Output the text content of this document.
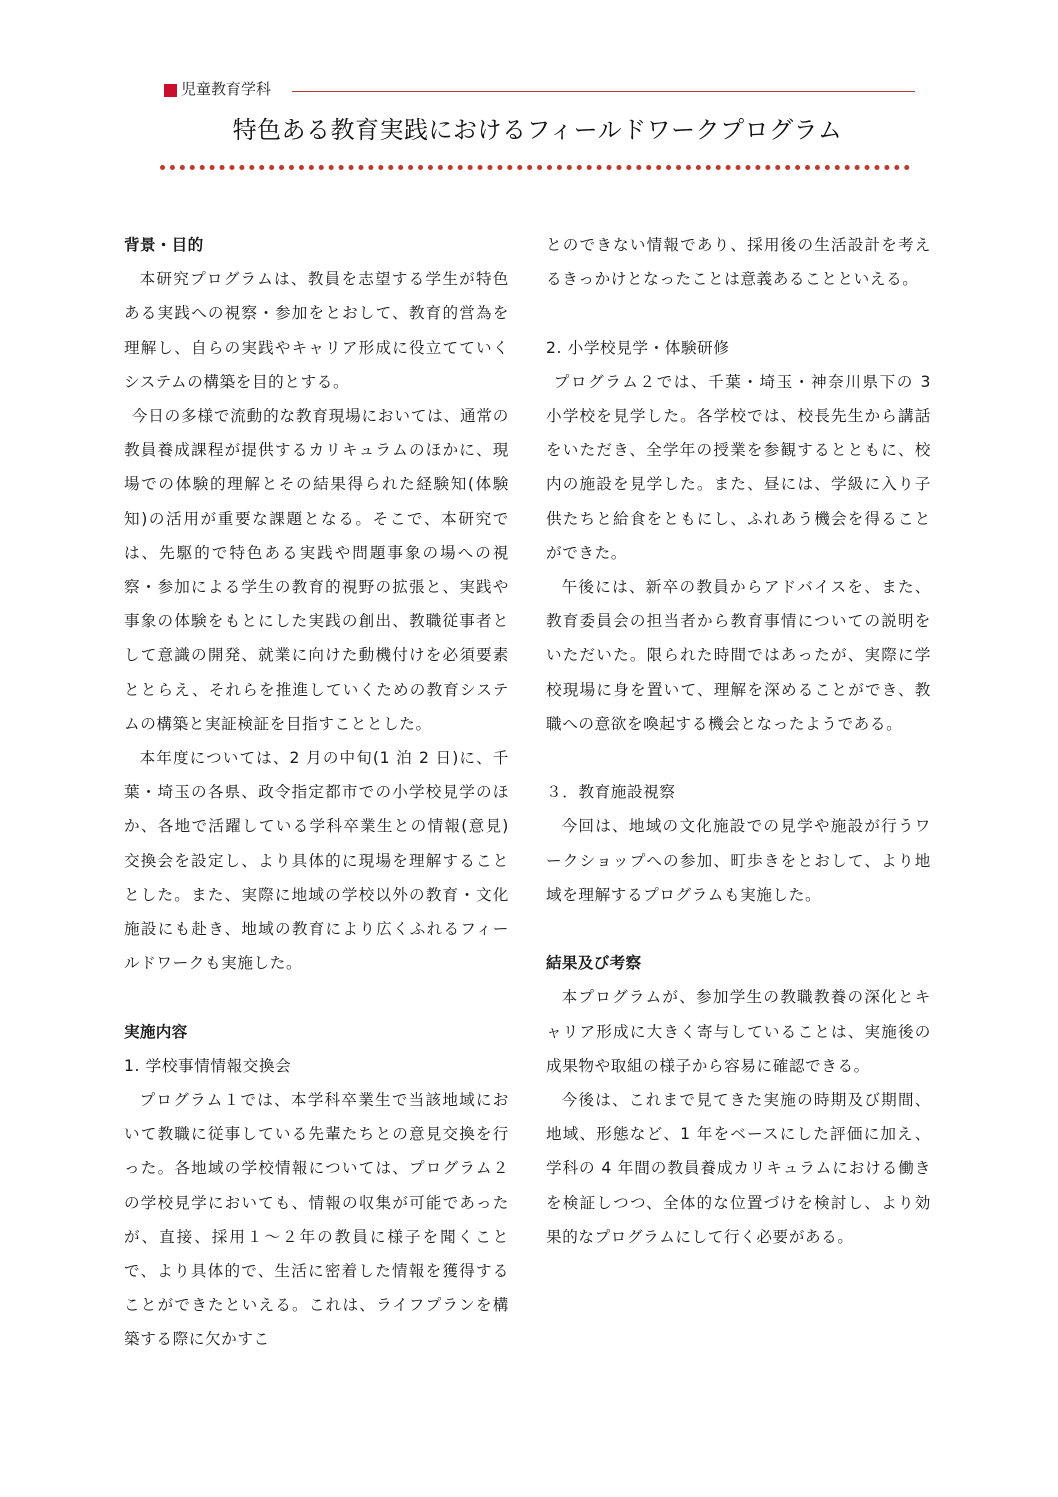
児童教育学科
特色ある教育実践におけるフィールドワークプログラム
背景・目的

本研究プログラムは、教員を志望する学生が特色ある実践への視察・参加をとおして、教育的営為を理解し、自らの実践やキャリア形成に役立てていくシステムの構築を目的とする。

今日の多様で流動的な教育現場においては、通常の教員養成課程が提供するカリキュラムのほかに、現場での体験的理解とその結果得られた経験知(体験知)の活用が重要な課題となる。そこで、本研究では、先駆的で特色ある実践や問題事象の場への視察・参加による学生の教育的視野の拡張と、実践や事象の体験をもとにした実践の創出、教職従事者として意識の開発、就業に向けた動機付けを必須要素ととらえ、それらを推進していくための教育システムの構築と実証検証を目指すこととした。

本年度については、2 月の中旬(1 泊 2 日)に、千葉・埼玉の各県、政令指定都市での小学校見学のほか、各地で活躍している学科卒業生との情報(意見)交換会を設定し、より具体的に現場を理解することとした。また、実際に地域の学校以外の教育・文化施設にも赴き、地域の教育により広くふれるフィールドワークも実施した。

実施内容
1. 学校事情情報交換会

プログラム１では、本学科卒業生で当該地域において教職に従事している先輩たちとの意見交換を行った。各地域の学校情報については、プログラム２の学校見学においても、情報の収集が可能であったが、直接、採用１～２年の教員に様子を聞くことで、より具体的で、生活に密着した情報を獲得することができたといえる。これは、ライフプランを構築する際に欠かすこ

とのできない情報であり、採用後の生活設計を考えるきっかけとなったことは意義あることといえる。

2. 小学校見学・体験研修

プログラム２では、千葉・埼玉・神奈川県下の 3 小学校を見学した。各学校では、校長先生から講話をいただき、全学年の授業を参観するとともに、校内の施設を見学した。また、昼には、学級に入り子供たちと給食をともにし、ふれあう機会を得ることができた。

午後には、新卒の教員からアドバイスを、また、教育委員会の担当者から教育事情についての説明をいただいた。限られた時間ではあったが、実際に学校現場に身を置いて、理解を深めることができ、教職への意欲を喚起する機会となったようである。

３．教育施設視察

今回は、地域の文化施設での見学や施設が行うワークショップへの参加、町歩きをとおして、より地域を理解するプログラムも実施した。

結果及び考察

本プログラムが、参加学生の教職教養の深化とキャリア形成に大きく寄与していることは、実施後の成果物や取組の様子から容易に確認できる。

今後は、これまで見てきた実施の時期及び期間、地域、形態など、1 年をベースにした評価に加え、学科の 4 年間の教員養成カリキュラムにおける働きを検証しつつ、全体的な位置づけを検討し、より効果的なプログラムにして行く必要がある。
